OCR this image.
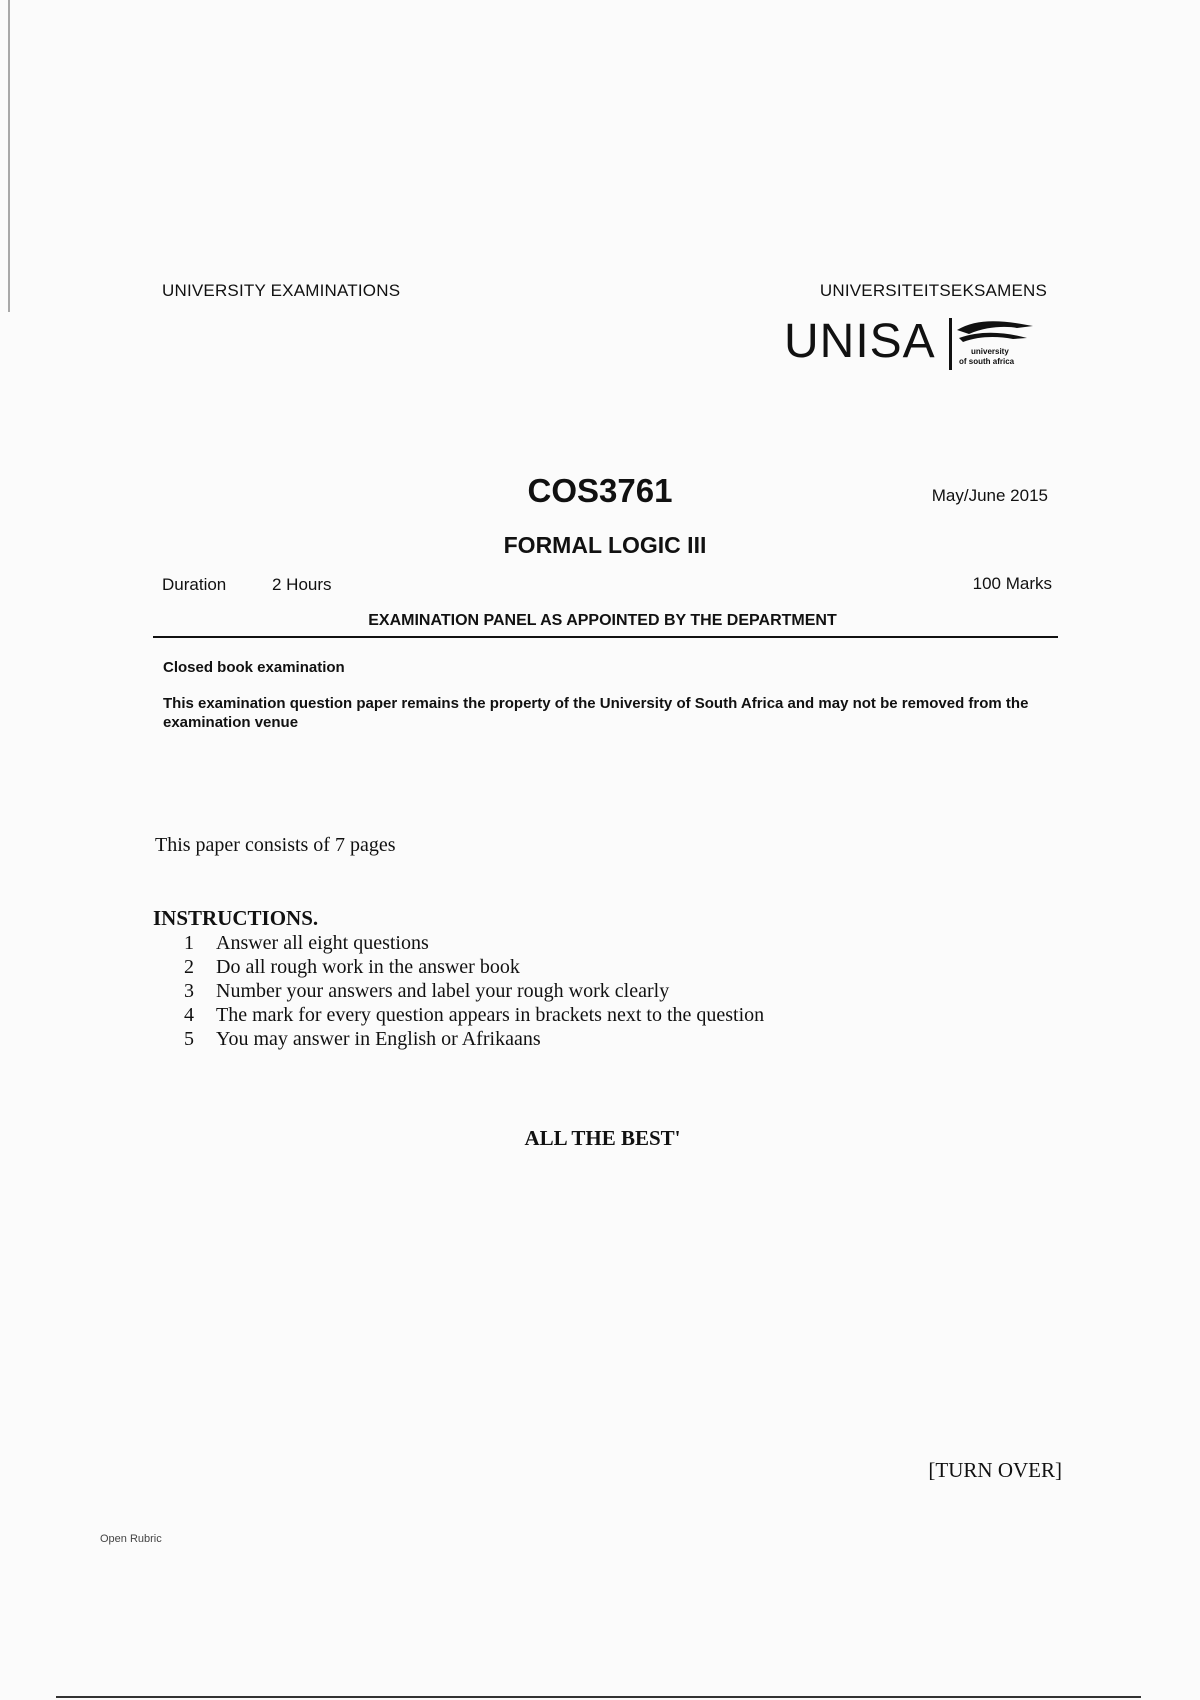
UNIVERSITY EXAMINATIONS	UNIVERSITEITSEKSAMENS
UNISA	university
of south africa
COS3761	May/June 2015
FORMAL LOGIC III
Duration	2 Hours	100 Marks
EXAMINATION PANEL AS APPOINTED BY THE DEPARTMENT
Closed book examination
This examination question paper remains the property of the University of South Africa and may not be removed from the examination venue
This paper consists of 7 pages
INSTRUCTIONS.
1	Answer all eight questions
2	Do all rough work in the answer book
3	Number your answers and label your rough work clearly
4	The mark for every question appears in brackets next to the question
5	You may answer in English or Afrikaans
ALL THE BEST'
[TURN OVER]
Open Rubric
